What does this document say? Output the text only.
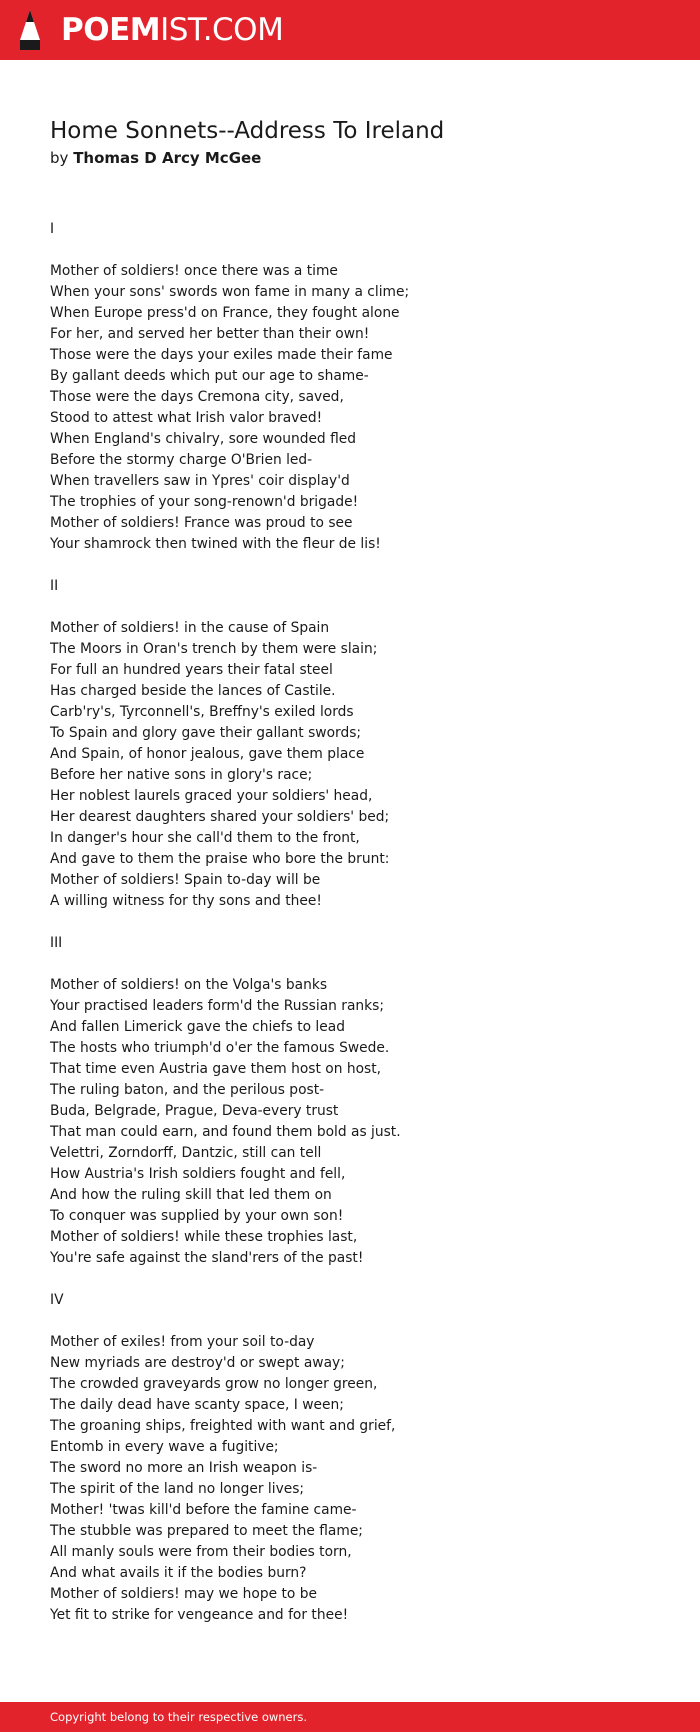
POEMIST.COM
Home Sonnets--Address To Ireland
by Thomas D Arcy McGee
I
Mother of soldiers! once there was a time
When your sons' swords won fame in many a clime;
When Europe press'd on France, they fought alone
For her, and served her better than their own!
Those were the days your exiles made their fame
By gallant deeds which put our age to shame-
Those were the days Cremona city, saved,
Stood to attest what Irish valor braved!
When England's chivalry, sore wounded fled
Before the stormy charge O'Brien led-
When travellers saw in Ypres' coir display'd
The trophies of your song-renown'd brigade!
Mother of soldiers! France was proud to see
Your shamrock then twined with the fleur de lis!
II
Mother of soldiers! in the cause of Spain
The Moors in Oran's trench by them were slain;
For full an hundred years their fatal steel
Has charged beside the lances of Castile.
Carb'ry's, Tyrconnell's, Breffny's exiled lords
To Spain and glory gave their gallant swords;
And Spain, of honor jealous, gave them place
Before her native sons in glory's race;
Her noblest laurels graced your soldiers' head,
Her dearest daughters shared your soldiers' bed;
In danger's hour she call'd them to the front,
And gave to them the praise who bore the brunt:
Mother of soldiers! Spain to-day will be
A willing witness for thy sons and thee!
III
Mother of soldiers! on the Volga's banks
Your practised leaders form'd the Russian ranks;
And fallen Limerick gave the chiefs to lead
The hosts who triumph'd o'er the famous Swede.
That time even Austria gave them host on host,
The ruling baton, and the perilous post-
Buda, Belgrade, Prague, Deva-every trust
That man could earn, and found them bold as just.
Velettri, Zorndorff, Dantzic, still can tell
How Austria's Irish soldiers fought and fell,
And how the ruling skill that led them on
To conquer was supplied by your own son!
Mother of soldiers! while these trophies last,
You're safe against the sland'rers of the past!
IV
Mother of exiles! from your soil to-day
New myriads are destroy'd or swept away;
The crowded graveyards grow no longer green,
The daily dead have scanty space, I ween;
The groaning ships, freighted with want and grief,
Entomb in every wave a fugitive;
The sword no more an Irish weapon is-
The spirit of the land no longer lives;
Mother! 'twas kill'd before the famine came-
The stubble was prepared to meet the flame;
All manly souls were from their bodies torn,
And what avails it if the bodies burn?
Mother of soldiers! may we hope to be
Yet fit to strike for vengeance and for thee!
Copyright belong to their respective owners.
